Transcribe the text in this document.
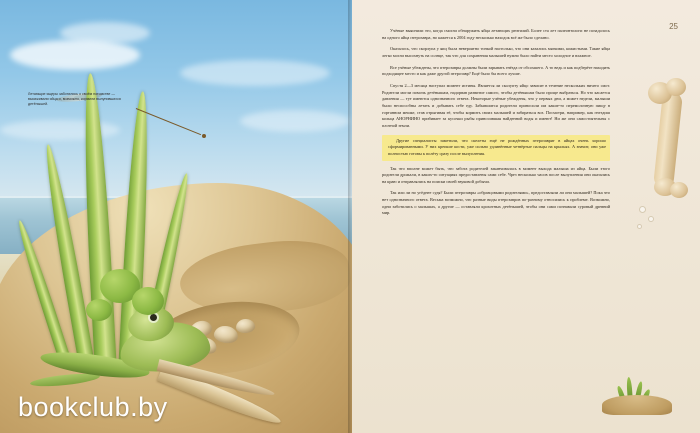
Летающие ящеры заботились о своём потомстве — высиживали яйца и, возможно, кормили вылупившихся детёнышей.
bookclub.by
25

Учёные выяснили это, когда смогли обнаружить яйца летающих рептилий. Более ста лет палеонтологи не позадолось на одного яйца птерозавра, но кажется к 2004 году несколько находок всё же было сделано.

Оказалось, что скорлупа у яиц была невероятно тонкой настолько, что они казались мягкими, кожистыми. Такие яйца легко могли высохнуть на солнце, так что для сохранения малышей нужно было найти место холодное и влажное.

Все учёные убеждены, что птерозавры должны были зарывать гнёзда от обсохшего. А то ведь и как подберёте находить подходящее место и как даже другой птерозавр? Ещё было бы всего лучше.

Спустя 2—3 месяца наступал момент истины. Является ли сколупту яйцо зависит в течение нескольких ничего смот. Родители могли помочь детёнышам, надорвав развитие самого, чтобы детёнышам было проще выбраться. Но что касается давления — тут имеются однозначного ответа. Некоторые учёные убеждены, что у первых дни, а может недели, малыши были неспособны летать и добывать себе еду. Забывшиеся родители приносили им какие-то перемолочную пищу в гортанном мешке, став отрыгивая её, чтобы кормить своих малышей и забираться воз. Посмотри, например, как гнездиш кольца АНОРНИНО прибивает за кусочки рыбы приносившая найденной воды и имеют! Ни же они самостоятельны с плотной земли.

Другие специалисты заметили, что скелеты ещё не рождённых птерозаврят в яйцах очень хорошо сформированными. У них крепкие кости, уже сильно удлинённые четвёртые пальцы на крыльях. А значит, они уже полностью готовы к полёту сразу после вылупления.

Так что вполне может быть, что забота родителей заканчивалась в момент выхода малыша из яйца. Были этого родители дрожали, в каких-то ситуациях предоставлены сами себе. Чрез несколько часов после вылупления они оказались на краю и отправлялись на поиски своей звуковой добычи.

Так или ли но угёднее судя? Были птерозавры «образцовыми родителями», предоставляли ли они малышей? Пока что нет однозначного ответа. Весьма возможно, что разные виды птерозавров по-разному относились к проблеме. Возможно, одни заботились о малышах, а другие — оставляли крохотных детёнышей, чтобы они сами познавали суровый древний мир.
